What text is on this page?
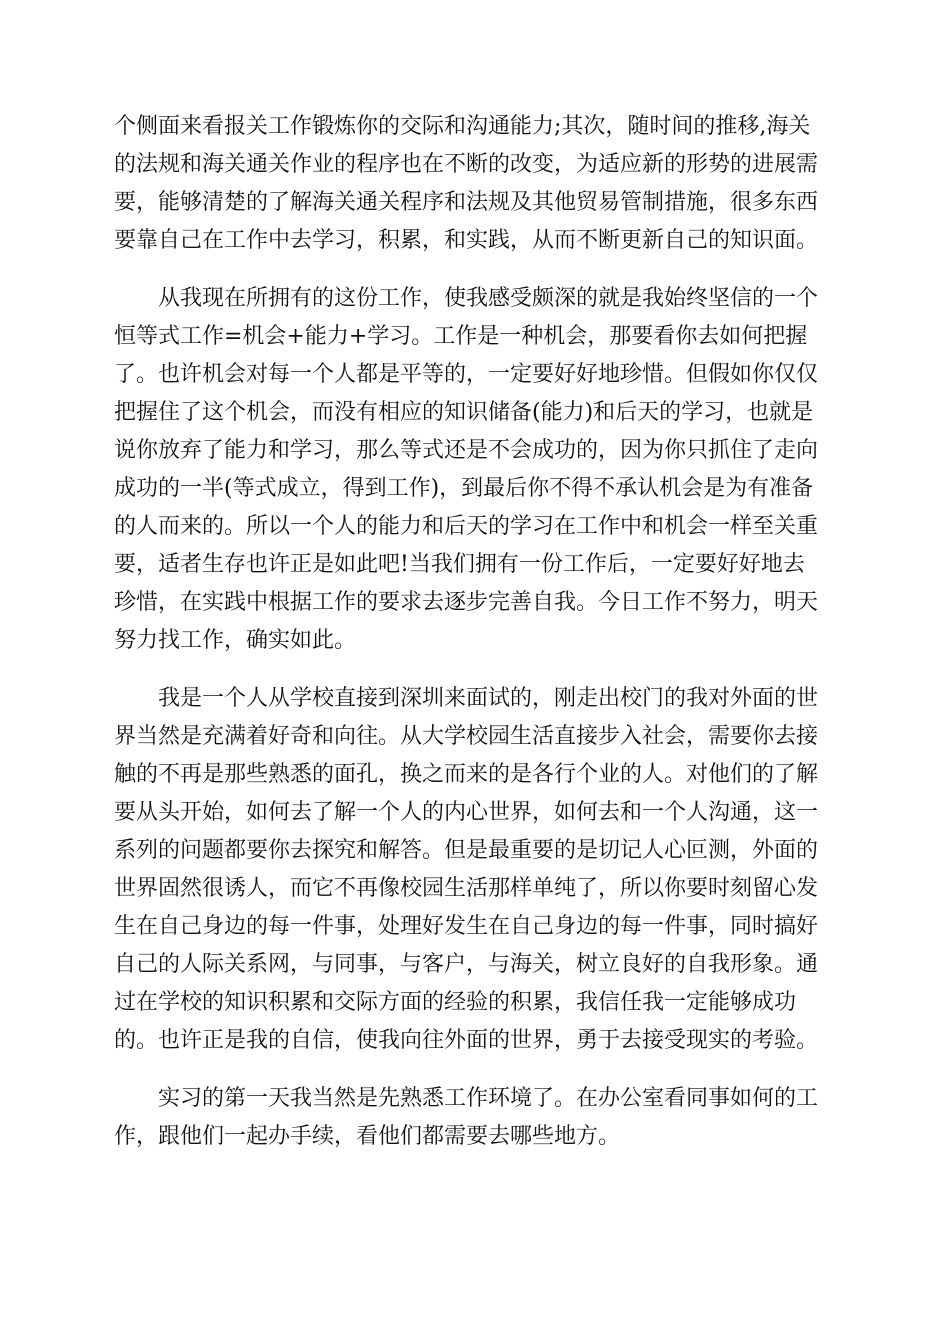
个侧面来看报关工作锻炼你的交际和沟通能力;其次，随时间的推移,海关
的法规和海关通关作业的程序也在不断的改变，为适应新的形势的进展需
要，能够清楚的了解海关通关程序和法规及其他贸易管制措施，很多东西
要靠自己在工作中去学习，积累，和实践，从而不断更新自己的知识面。
从我现在所拥有的这份工作，使我感受颇深的就是我始终坚信的一个
恒等式工作=机会+能力+学习。工作是一种机会，那要看你去如何把握
了。也许机会对每一个人都是平等的，一定要好好地珍惜。但假如你仅仅
把握住了这个机会，而没有相应的知识储备(能力)和后天的学习，也就是
说你放弃了能力和学习，那么等式还是不会成功的，因为你只抓住了走向
成功的一半(等式成立，得到工作)，到最后你不得不承认机会是为有准备
的人而来的。所以一个人的能力和后天的学习在工作中和机会一样至关重
要，适者生存也许正是如此吧!当我们拥有一份工作后，一定要好好地去
珍惜，在实践中根据工作的要求去逐步完善自我。今日工作不努力，明天
努力找工作，确实如此。
我是一个人从学校直接到深圳来面试的，刚走出校门的我对外面的世
界当然是充满着好奇和向往。从大学校园生活直接步入社会，需要你去接
触的不再是那些熟悉的面孔，换之而来的是各行个业的人。对他们的了解
要从头开始，如何去了解一个人的内心世界，如何去和一个人沟通，这一
系列的问题都要你去探究和解答。但是最重要的是切记人心叵测，外面的
世界固然很诱人，而它不再像校园生活那样单纯了，所以你要时刻留心发
生在自己身边的每一件事，处理好发生在自己身边的每一件事，同时搞好
自己的人际关系网，与同事，与客户，与海关，树立良好的自我形象。通
过在学校的知识积累和交际方面的经验的积累，我信任我一定能够成功
的。也许正是我的自信，使我向往外面的世界，勇于去接受现实的考验。
实习的第一天我当然是先熟悉工作环境了。在办公室看同事如何的工
作，跟他们一起办手续，看他们都需要去哪些地方。
